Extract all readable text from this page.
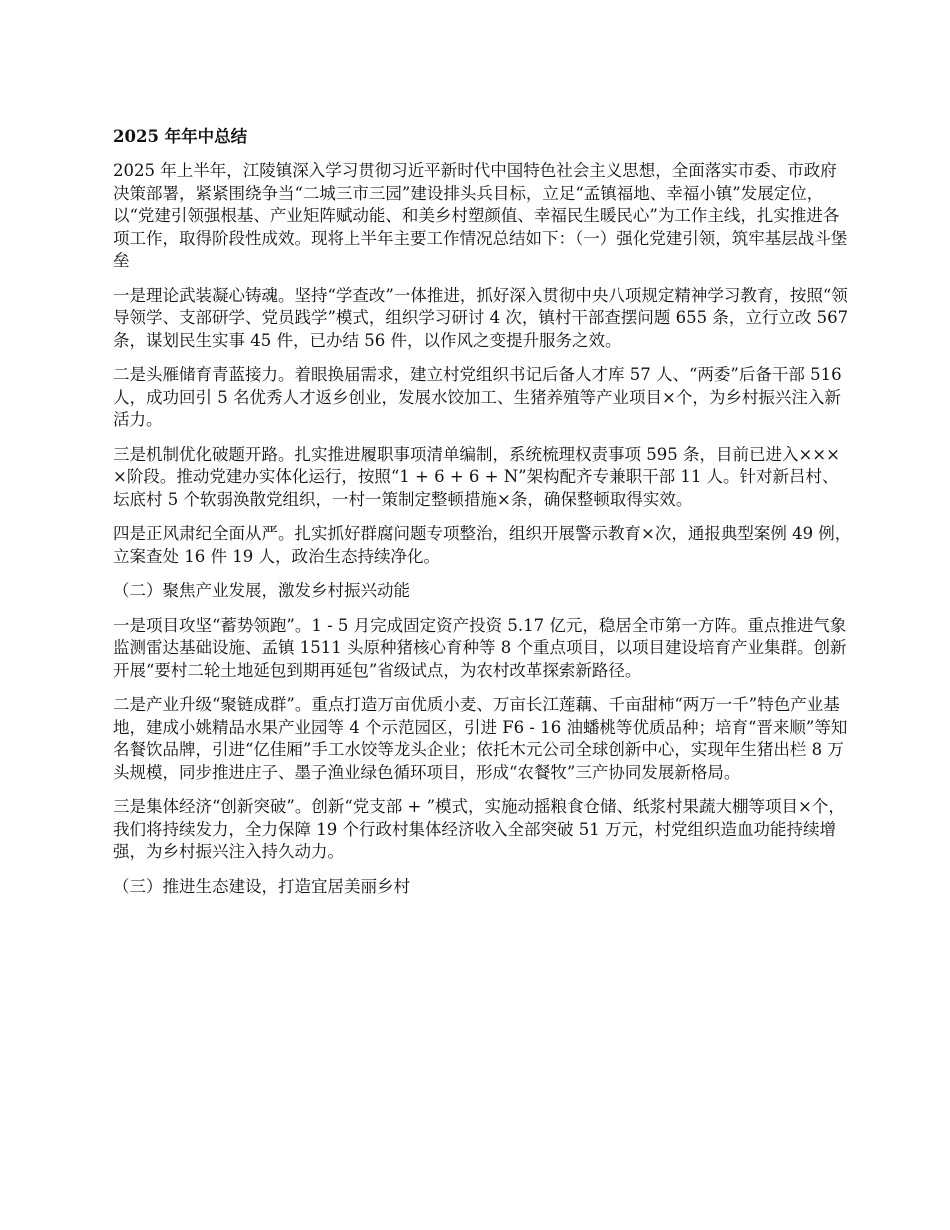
2025 年年中总结
2025 年上半年，江陵镇深入学习贯彻习近平新时代中国特色社会主义思想，全面落实市委、市政府决策部署，紧紧围绕争当“二城三市三园”建设排头兵目标，立足“孟镇福地、幸福小镇”发展定位，以“党建引领强根基、产业矩阵赋动能、和美乡村塑颜值、幸福民生暖民心”为工作主线，扎实推进各项工作，取得阶段性成效。现将上半年主要工作情况总结如下：（一）强化党建引领，筑牢基层战斗堡垒
一是理论武装凝心铸魂。坚持“学查改”一体推进，抓好深入贯彻中央八项规定精神学习教育，按照“领导领学、支部研学、党员践学”模式，组织学习研讨 4 次，镇村干部查摆问题 655 条，立行立改 567 条，谋划民生实事 45 件，已办结 56 件，以作风之变提升服务之效。
二是头雁储育青蓝接力。着眼换届需求，建立村党组织书记后备人才库 57 人、“两委”后备干部 516 人，成功回引 5 名优秀人才返乡创业，发展水饺加工、生猪养殖等产业项目×个，为乡村振兴注入新活力。
三是机制优化破题开路。扎实推进履职事项清单编制，系统梳理权责事项 595 条，目前已进入××××阶段。推动党建办实体化运行，按照“1 + 6 + 6 + N”架构配齐专兼职干部 11 人。针对新吕村、坛底村 5 个软弱涣散党组织，一村一策制定整顿措施×条，确保整顿取得实效。
四是正风肃纪全面从严。扎实抓好群腐问题专项整治，组织开展警示教育×次，通报典型案例 49 例，立案查处 16 件 19 人，政治生态持续净化。
（二）聚焦产业发展，激发乡村振兴动能
一是项目攻坚“蓄势领跑”。1 - 5 月完成固定资产投资 5.17 亿元，稳居全市第一方阵。重点推进气象监测雷达基础设施、孟镇 1511 头原种猪核心育种等 8 个重点项目，以项目建设培育产业集群。创新开展“要村二轮土地延包到期再延包”省级试点，为农村改革探索新路径。
二是产业升级“聚链成群”。重点打造万亩优质小麦、万亩长江莲藕、千亩甜柿“两万一千”特色产业基地，建成小姚精品水果产业园等 4 个示范园区，引进 F6 - 16 油蟠桃等优质品种；培育“晋来顺”等知名餐饮品牌，引进“亿佳厢”手工水饺等龙头企业；依托木元公司全球创新中心，实现年生猪出栏 8 万头规模，同步推进庄子、墨子渔业绿色循环项目，形成“农餐牧”三产协同发展新格局。
三是集体经济“创新突破”。创新“党支部 + ”模式，实施动摇粮食仓储、纸浆村果蔬大棚等项目×个，我们将持续发力，全力保障 19 个行政村集体经济收入全部突破 51 万元，村党组织造血功能持续增强，为乡村振兴注入持久动力。
（三）推进生态建设，打造宜居美丽乡村
